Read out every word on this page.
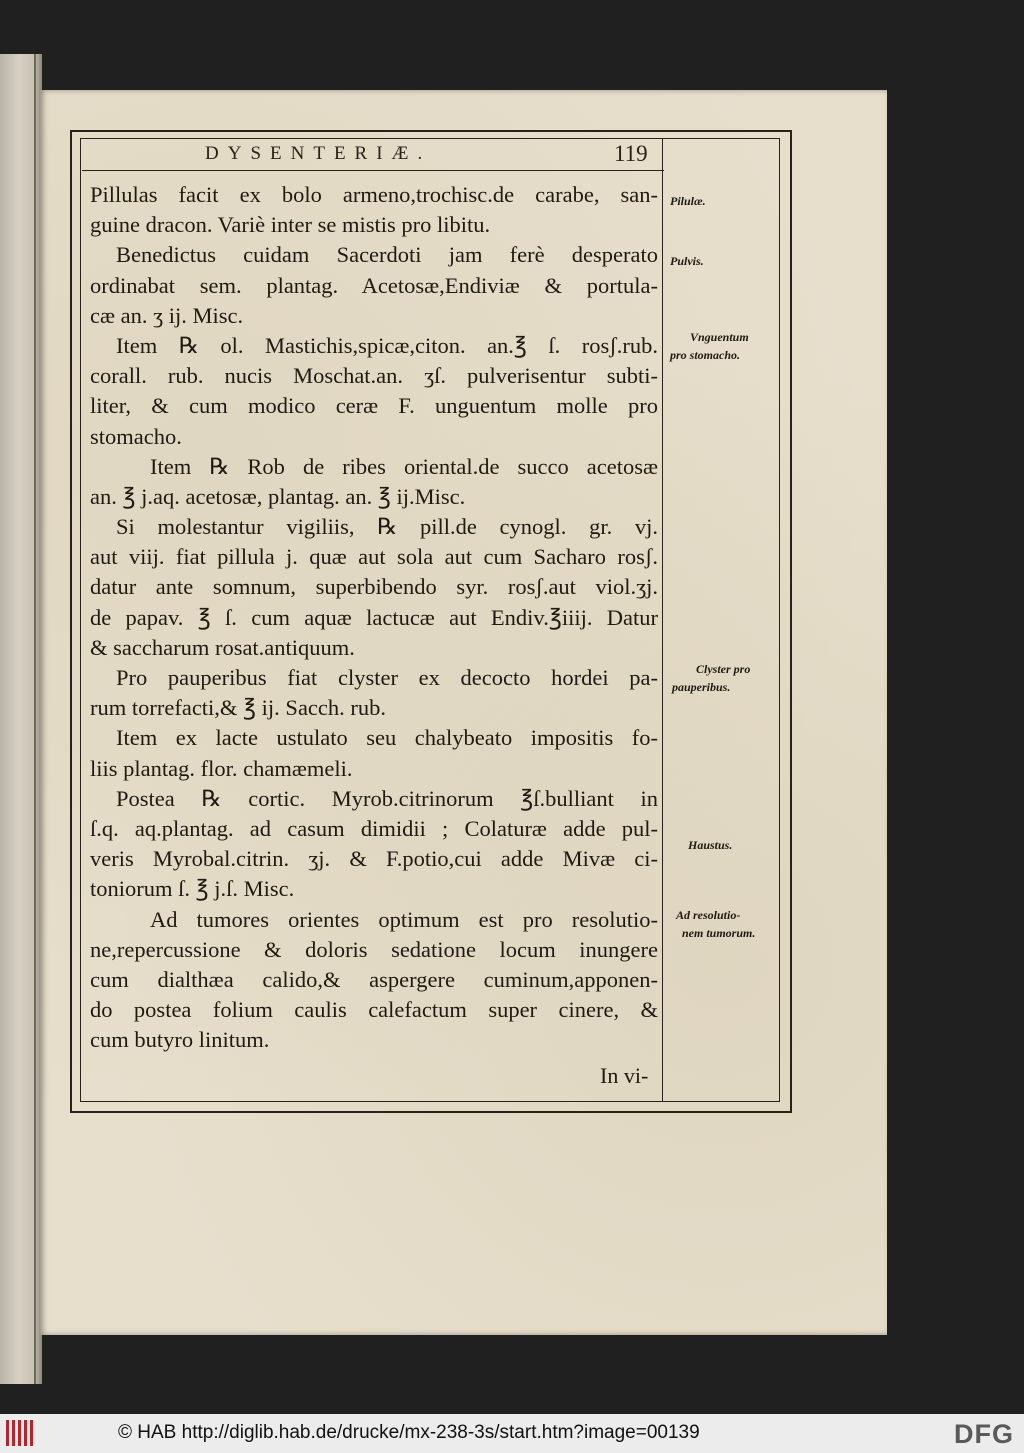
DYSENTERIÆ.	119
Pillulas facit ex bolo armeno,trochisc.de carabe, san-
guine dracon. Variè inter se mistis pro libitu.
Benedictus cuidam Sacerdoti jam ferè desperato
ordinabat sem. plantag. Acetosæ,Endiviæ & portula-
cæ an. ʒ ij. Misc.
Item ℞ ol. Mastichis,spicæ,citon. an.℥ ſ. rosʃ.rub.
corall. rub. nucis Moschat.an. ʒſ. pulverisentur subti-
liter, & cum modico ceræ F. unguentum molle pro
stomacho.
Item ℞ Rob de ribes oriental.de succo acetosæ
an. ℥ j.aq. acetosæ, plantag. an. ℥ ij.Misc.
Si molestantur vigiliis, ℞ pill.de cynogl. gr. vj.
aut viij. fiat pillula j. quæ aut sola aut cum Sacharo rosʃ.
datur ante somnum, superbibendo syr. rosʃ.aut viol.ʒj.
de papav. ℥ ſ. cum aquæ lactucæ aut Endiv.℥iiij. Datur
& saccharum rosat.antiquum.
Pro pauperibus fiat clyster ex decocto hordei pa-
rum torrefacti,& ℥ ij. Sacch. rub.
Item ex lacte ustulato seu chalybeato impositis fo-
liis plantag. flor. chamæmeli.
Postea ℞ cortic. Myrob.citrinorum ℥ſ.bulliant in
ſ.q. aq.plantag. ad casum dimidii ; Colaturæ adde pul-
veris Myrobal.citrin. ʒj. & F.potio,cui adde Mivæ ci-
toniorum ſ. ℥ j.ſ. Misc.
Ad tumores orientes optimum est pro resolutio-
ne,repercussione & doloris sedatione locum inungere
cum dialthæa calido,& aspergere cuminum,apponen-
do postea folium caulis calefactum super cinere, &
cum butyro linitum.
In vi-
Pilulæ.
Pulvis.
Vnguentum
pro stomacho.
Clyster pro
pauperibus.
Haustus.
Ad resolutio-
nem tumorum.
© HAB http://diglib.hab.de/drucke/mx-238-3s/start.htm?image=00139	DFG
